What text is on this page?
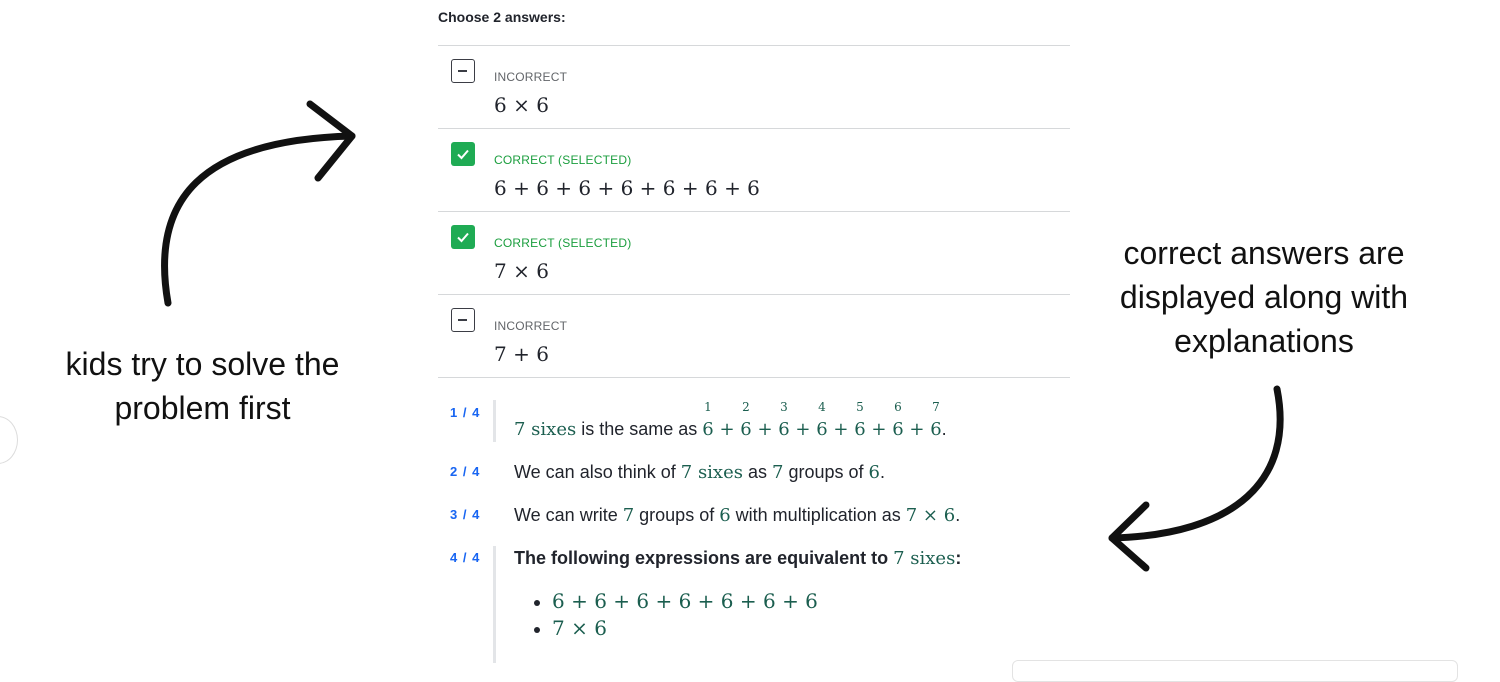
Choose 2 answers:
INCORRECT
6 × 6
CORRECT (SELECTED)
6 + 6 + 6 + 6 + 6 + 6 + 6
CORRECT (SELECTED)
7 × 6
INCORRECT
7 + 6
1 / 4
7 sixes is the same as
1
6 +
2
6 +
3
6 +
4
6 +
5
6 +
6
6 +
7
6.
2 / 4 We can also think of 7 sixes as 7 groups of 6.
3 / 4 We can write 7 groups of 6 with multiplication as 7 × 6.
4 / 4 The following expressions are equivalent to 7 sixes:
• 6 + 6 + 6 + 6 + 6 + 6 + 6
• 7 × 6
kids try to solve the problem first
correct answers are displayed along with explanations
